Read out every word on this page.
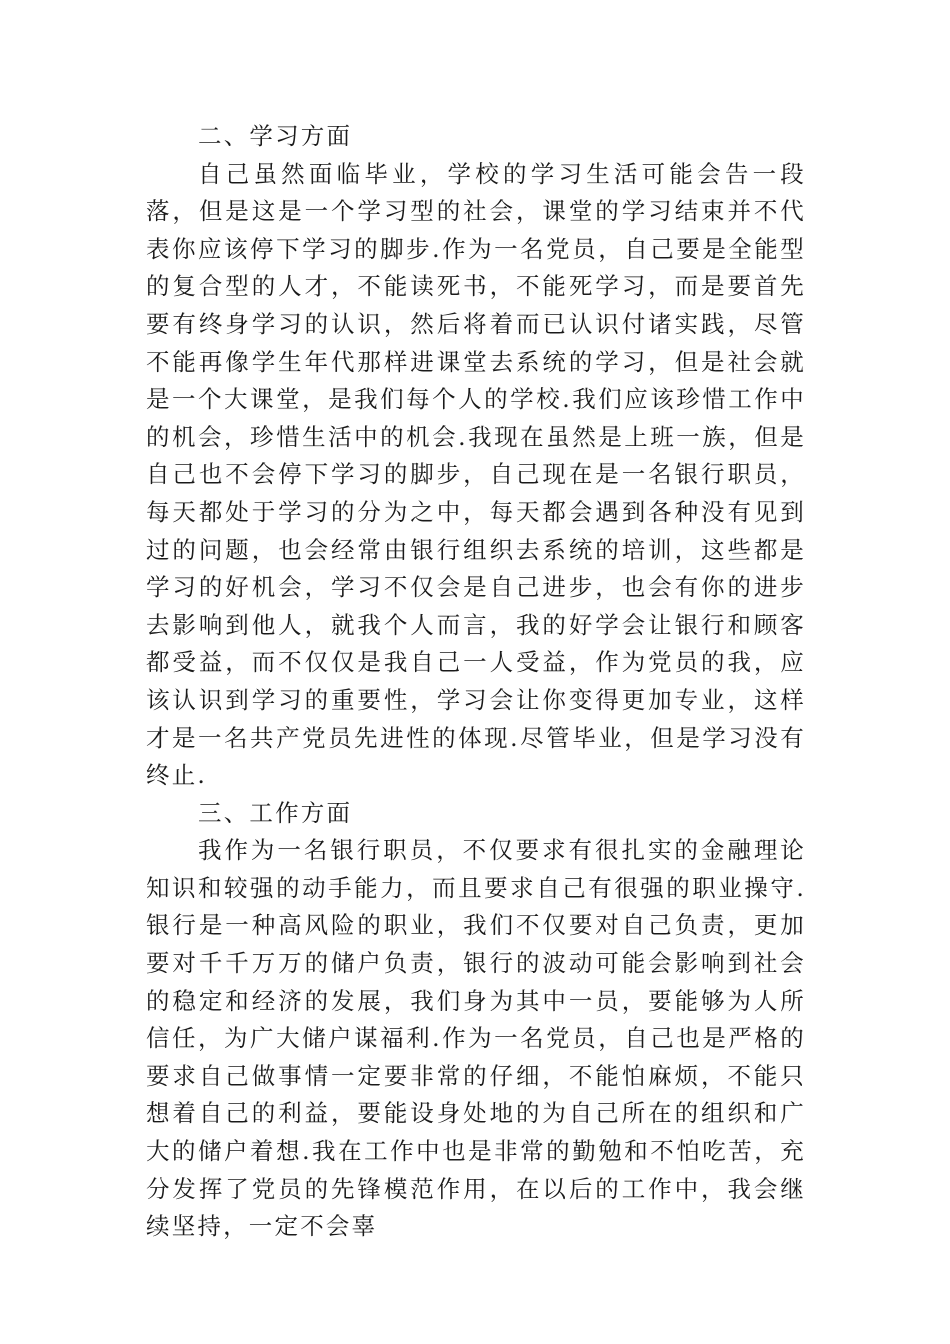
二、学习方面

自己虽然面临毕业，学校的学习生活可能会告一段落，但是这是一个学习型的社会，课堂的学习结束并不代表你应该停下学习的脚步.作为一名党员，自己要是全能型的复合型的人才，不能读死书，不能死学习，而是要首先要有终身学习的认识，然后将着而已认识付诸实践，尽管不能再像学生年代那样进课堂去系统的学习，但是社会就是一个大课堂，是我们每个人的学校.我们应该珍惜工作中的机会，珍惜生活中的机会.我现在虽然是上班一族，但是自己也不会停下学习的脚步，自己现在是一名银行职员，每天都处于学习的分为之中，每天都会遇到各种没有见到过的问题，也会经常由银行组织去系统的培训，这些都是学习的好机会，学习不仅会是自己进步，也会有你的进步去影响到他人，就我个人而言，我的好学会让银行和顾客都受益，而不仅仅是我自己一人受益，作为党员的我，应该认识到学习的重要性，学习会让你变得更加专业，这样才是一名共产党员先进性的体现.尽管毕业，但是学习没有终止.

三、工作方面

我作为一名银行职员，不仅要求有很扎实的金融理论知识和较强的动手能力，而且要求自己有很强的职业操守.银行是一种高风险的职业，我们不仅要对自己负责，更加要对千千万万的储户负责，银行的波动可能会影响到社会的稳定和经济的发展，我们身为其中一员，要能够为人所信任，为广大储户谋福利.作为一名党员，自己也是严格的要求自己做事情一定要非常的仔细，不能怕麻烦，不能只想着自己的利益，要能设身处地的为自己所在的组织和广大的储户着想.我在工作中也是非常的勤勉和不怕吃苦，充分发挥了党员的先锋模范作用，在以后的工作中，我会继续坚持，一定不会辜
